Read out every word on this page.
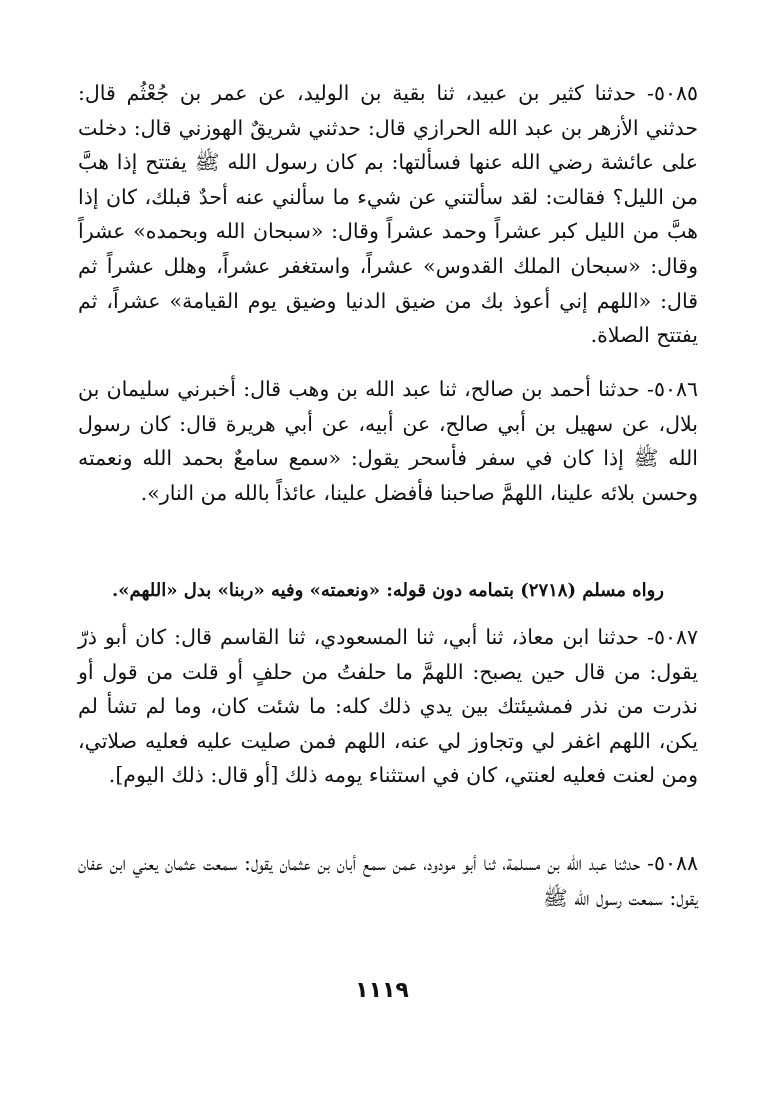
٥٠٨٥- حدثنا كثير بن عبيد، ثنا بقية بن الوليد، عن عمر بن جُعْثُم قال: حدثني الأزهر بن عبد الله الحرازي قال: حدثني شريقٌ الهوزني قال: دخلت على عائشة رضي الله عنها فسألتها: بم كان رسول الله ﷺ يفتتح إذا هبَّ من الليل؟ فقالت: لقد سألتني عن شيء ما سألني عنه أحدٌ قبلك، كان إذا هبَّ من الليل كبر عشراً وحمد عشراً وقال: «سبحان الله وبحمده» عشراً وقال: «سبحان الملك القدوس» عشراً، واستغفر عشراً، وهلل عشراً ثم قال: «اللهم إني أعوذ بك من ضيق الدنيا وضيق يوم القيامة» عشراً، ثم يفتتح الصلاة.

٥٠٨٦- حدثنا أحمد بن صالح، ثنا عبد الله بن وهب قال: أخبرني سليمان بن بلال، عن سهيل بن أبي صالح، عن أبيه، عن أبي هريرة قال: كان رسول الله ﷺ إذا كان في سفر فأسحر يقول: «سمع سامعٌ بحمد الله ونعمته وحسن بلائه علينا، اللهمَّ صاحبنا فأفضل علينا، عائذاً بالله من النار».

رواه مسلم (٢٧١٨) بتمامه دون قوله: «ونعمته» وفيه «ربنا» بدل «اللهم».

٥٠٨٧- حدثنا ابن معاذ، ثنا أبي، ثنا المسعودي، ثنا القاسم قال: كان أبو ذرّ يقول: من قال حين يصبح: اللهمَّ ما حلفتُ من حلفٍ أو قلت من قول أو نذرت من نذر فمشيئتك بين يدي ذلك كله: ما شئت كان، وما لم تشأ لم يكن، اللهم اغفر لي وتجاوز لي عنه، اللهم فمن صليت عليه فعليه صلاتي، ومن لعنت فعليه لعنتي، كان في استثناء يومه ذلك [أو قال: ذلك اليوم].

٥٠٨٨- حدثنا عبد الله بن مسلمة، ثنا أبو مودود، عمن سمع أبان بن عثمان يقول: سمعت عثمان يعني ابن عفان يقول: سمعت رسول الله ﷺ

١١١٩
